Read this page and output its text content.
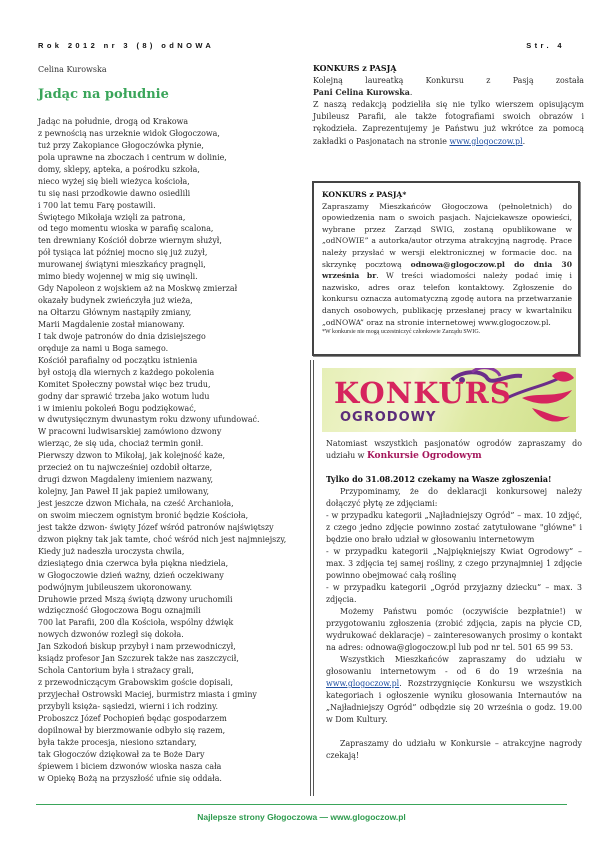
Rok 2012 nr 3 (8) odNOWA	Str. 4
Celina Kurowska
Jadąc na południe
Jadąc na południe, drogą od Krakowa
z pewnością nas urzeknie widok Głogoczowa,
tuż przy Zakopiance Głogoczówka płynie,
pola uprawne na zboczach i centrum w dolinie,
domy, sklepy, apteka, a pośrodku szkoła,
nieco wyżej się bieli wieżyca kościoła,
tu się nasi przodkowie dawno osiedlili
i 700 lat temu Farę postawili.
Świętego Mikołaja wzięli za patrona,
od tego momentu wioska w parafię scalona,
ten drewniany Kościół dobrze wiernym służył,
pół tysiąca lat później mocno się już zużył,
murowanej świątyni mieszkańcy pragnęli,
mimo biedy wojennej w mig się uwinęli.
Gdy Napoleon z wojskiem aż na Moskwę zmierzał
okazały budynek zwieńczyła już wieża,
na Ołtarzu Głównym nastąpiły zmiany,
Marii Magdalenie został mianowany.
I tak dwoje patronów do dnia dzisiejszego
oręduje za nami u Boga samego.
Kościół parafialny od początku istnienia
był ostoją dla wiernych z każdego pokolenia
Komitet Społeczny powstał więc bez trudu,
godny dar sprawić trzeba jako wotum ludu
i w imieniu pokoleń Bogu podziękować,
w dwutysięcznym dwunastym roku dzwony ufundować.
W pracowni ludwisarskiej zamówiono dzwony
wierząc, że się uda, chociaż termin gonił.
Pierwszy dzwon to Mikołaj, jak kolejność każe,
przecież on tu najwcześniej ozdobił ołtarze,
drugi dzwon Magdaleny imieniem nazwany,
kolejny, Jan Paweł II jak papież umiłowany,
jest jeszcze dzwon Michała, na cześć Archanioła,
on swoim mieczem ognistym bronić będzie Kościoła,
jest także dzwon- święty Józef wśród patronów najświętszy
dzwon piękny tak jak tamte, choć wśród nich jest najmniejszy,
Kiedy już nadeszła uroczysta chwila,
dziesiątego dnia czerwca była piękna niedziela,
w Głogoczowie dzień ważny, dzień oczekiwany
podwójnym jubileuszem ukoronowany.
Druhowie przed Mszą świętą dzwony uruchomili
wdzięczność Głogoczowa Bogu oznajmili
700 lat Parafii, 200 dla Kościoła, wspólny dźwięk
nowych dzwonów rozległ się dokoła.
Jan Szkodoń biskup przybył i nam przewodniczył,
ksiądz profesor Jan Szczurek także nas zaszczycił,
Schola Cantorium była i strażacy grali,
z przewodniczącym Grabowskim goście dopisali,
przyjechał Ostrowski Maciej, burmistrz miasta i gminy
przybyli księża- sąsiedzi, wierni i ich rodziny.
Proboszcz Józef Pochopień będąc gospodarzem
dopilnował by bierzmowanie odbyło się razem,
była także procesja, niesiono sztandary,
tak Głogoczów dziękował za te Boże Dary
śpiewem i biciem dzwonów wioska nasza cała
w Opiekę Bożą na przyszłość ufnie się oddała.
KONKURS z PASJĄ

Kolejną laureatką Konkursu z Pasją została

Pani Celina Kurowska.

Z naszą redakcją podzieliła się nie tylko wierszem opisującym Jubileusz Parafii, ale także fotografiami swoich obrazów i rękodzieła. Zaprezentujemy je Państwu już wkrótce za pomocą zakładki o Pasjonatach na stronie www.glogoczow.pl.

KONKURS z PASJĄ*

Zapraszamy Mieszkańców Głogoczowa (pełnoletnich) do opowiedzenia nam o swoich pasjach. Najciekawsze opowieści, wybrane przez Zarząd SWIG, zostaną opublikowane w „odNOWIE” a autorka/autor otrzyma atrakcyjną nagrodę. Prace należy przysłać w wersji elektronicznej w formacie doc. na skrzynkę pocztową odnowa@glogoczow.pl do dnia 30 września br. W treści wiadomości należy podać imię i nazwisko, adres oraz telefon kontaktowy. Zgłoszenie do konkursu oznacza automatyczną zgodę autora na przetwarzanie danych osobowych, publikację przesłanej pracy w kwartalniku „odNOWA” oraz na stronie internetowej www.glogoczow.pl.

*W konkursie nie mogą uczestniczyć członkowie Zarządu SWIG.
KONKURS
OGRODOWY

Natomiast wszystkich pasjonatów ogrodów zapraszamy do udziału w Konkursie Ogrodowym

Tylko do 31.08.2012 czekamy na Wasze zgłoszenia!

Przypominamy, że do deklaracji konkursowej należy dołączyć płytę ze zdjęciami:

- w przypadku kategorii „Najładniejszy Ogród” – max. 10 zdjęć, z czego jedno zdjęcie powinno zostać zatytułowane "główne" i będzie ono brało udział w głosowaniu internetowym

- w przypadku kategorii „Najpiękniejszy Kwiat Ogrodowy” – max. 3 zdjęcia tej samej rośliny, z czego przynajmniej 1 zdjęcie powinno obejmować całą roślinę

- w przypadku kategorii „Ogród przyjazny dziecku” – max. 3 zdjęcia.

Możemy Państwu pomóc (oczywiście bezpłatnie!) w przygotowaniu zgłoszenia (zrobić zdjęcia, zapis na płycie CD, wydrukować deklaracje) – zainteresowanych prosimy o kontakt na adres: odnowa@glogoczow.pl lub pod nr tel. 501 65 99 53.

Wszystkich Mieszkańców zapraszamy do udziału w głosowaniu internetowym - od 6 do 19 września na www.glogoczow.pl. Rozstrzygnięcie Konkursu we wszystkich kategoriach i ogłoszenie wyniku głosowania Internautów na „Najładniejszy Ogród” odbędzie się 20 września o godz. 19.00 w Dom Kultury.

Zapraszamy do udziału w Konkursie – atrakcyjne nagrody czekają!

Najlepsze strony Głogoczowa — www.glogoczow.pl
